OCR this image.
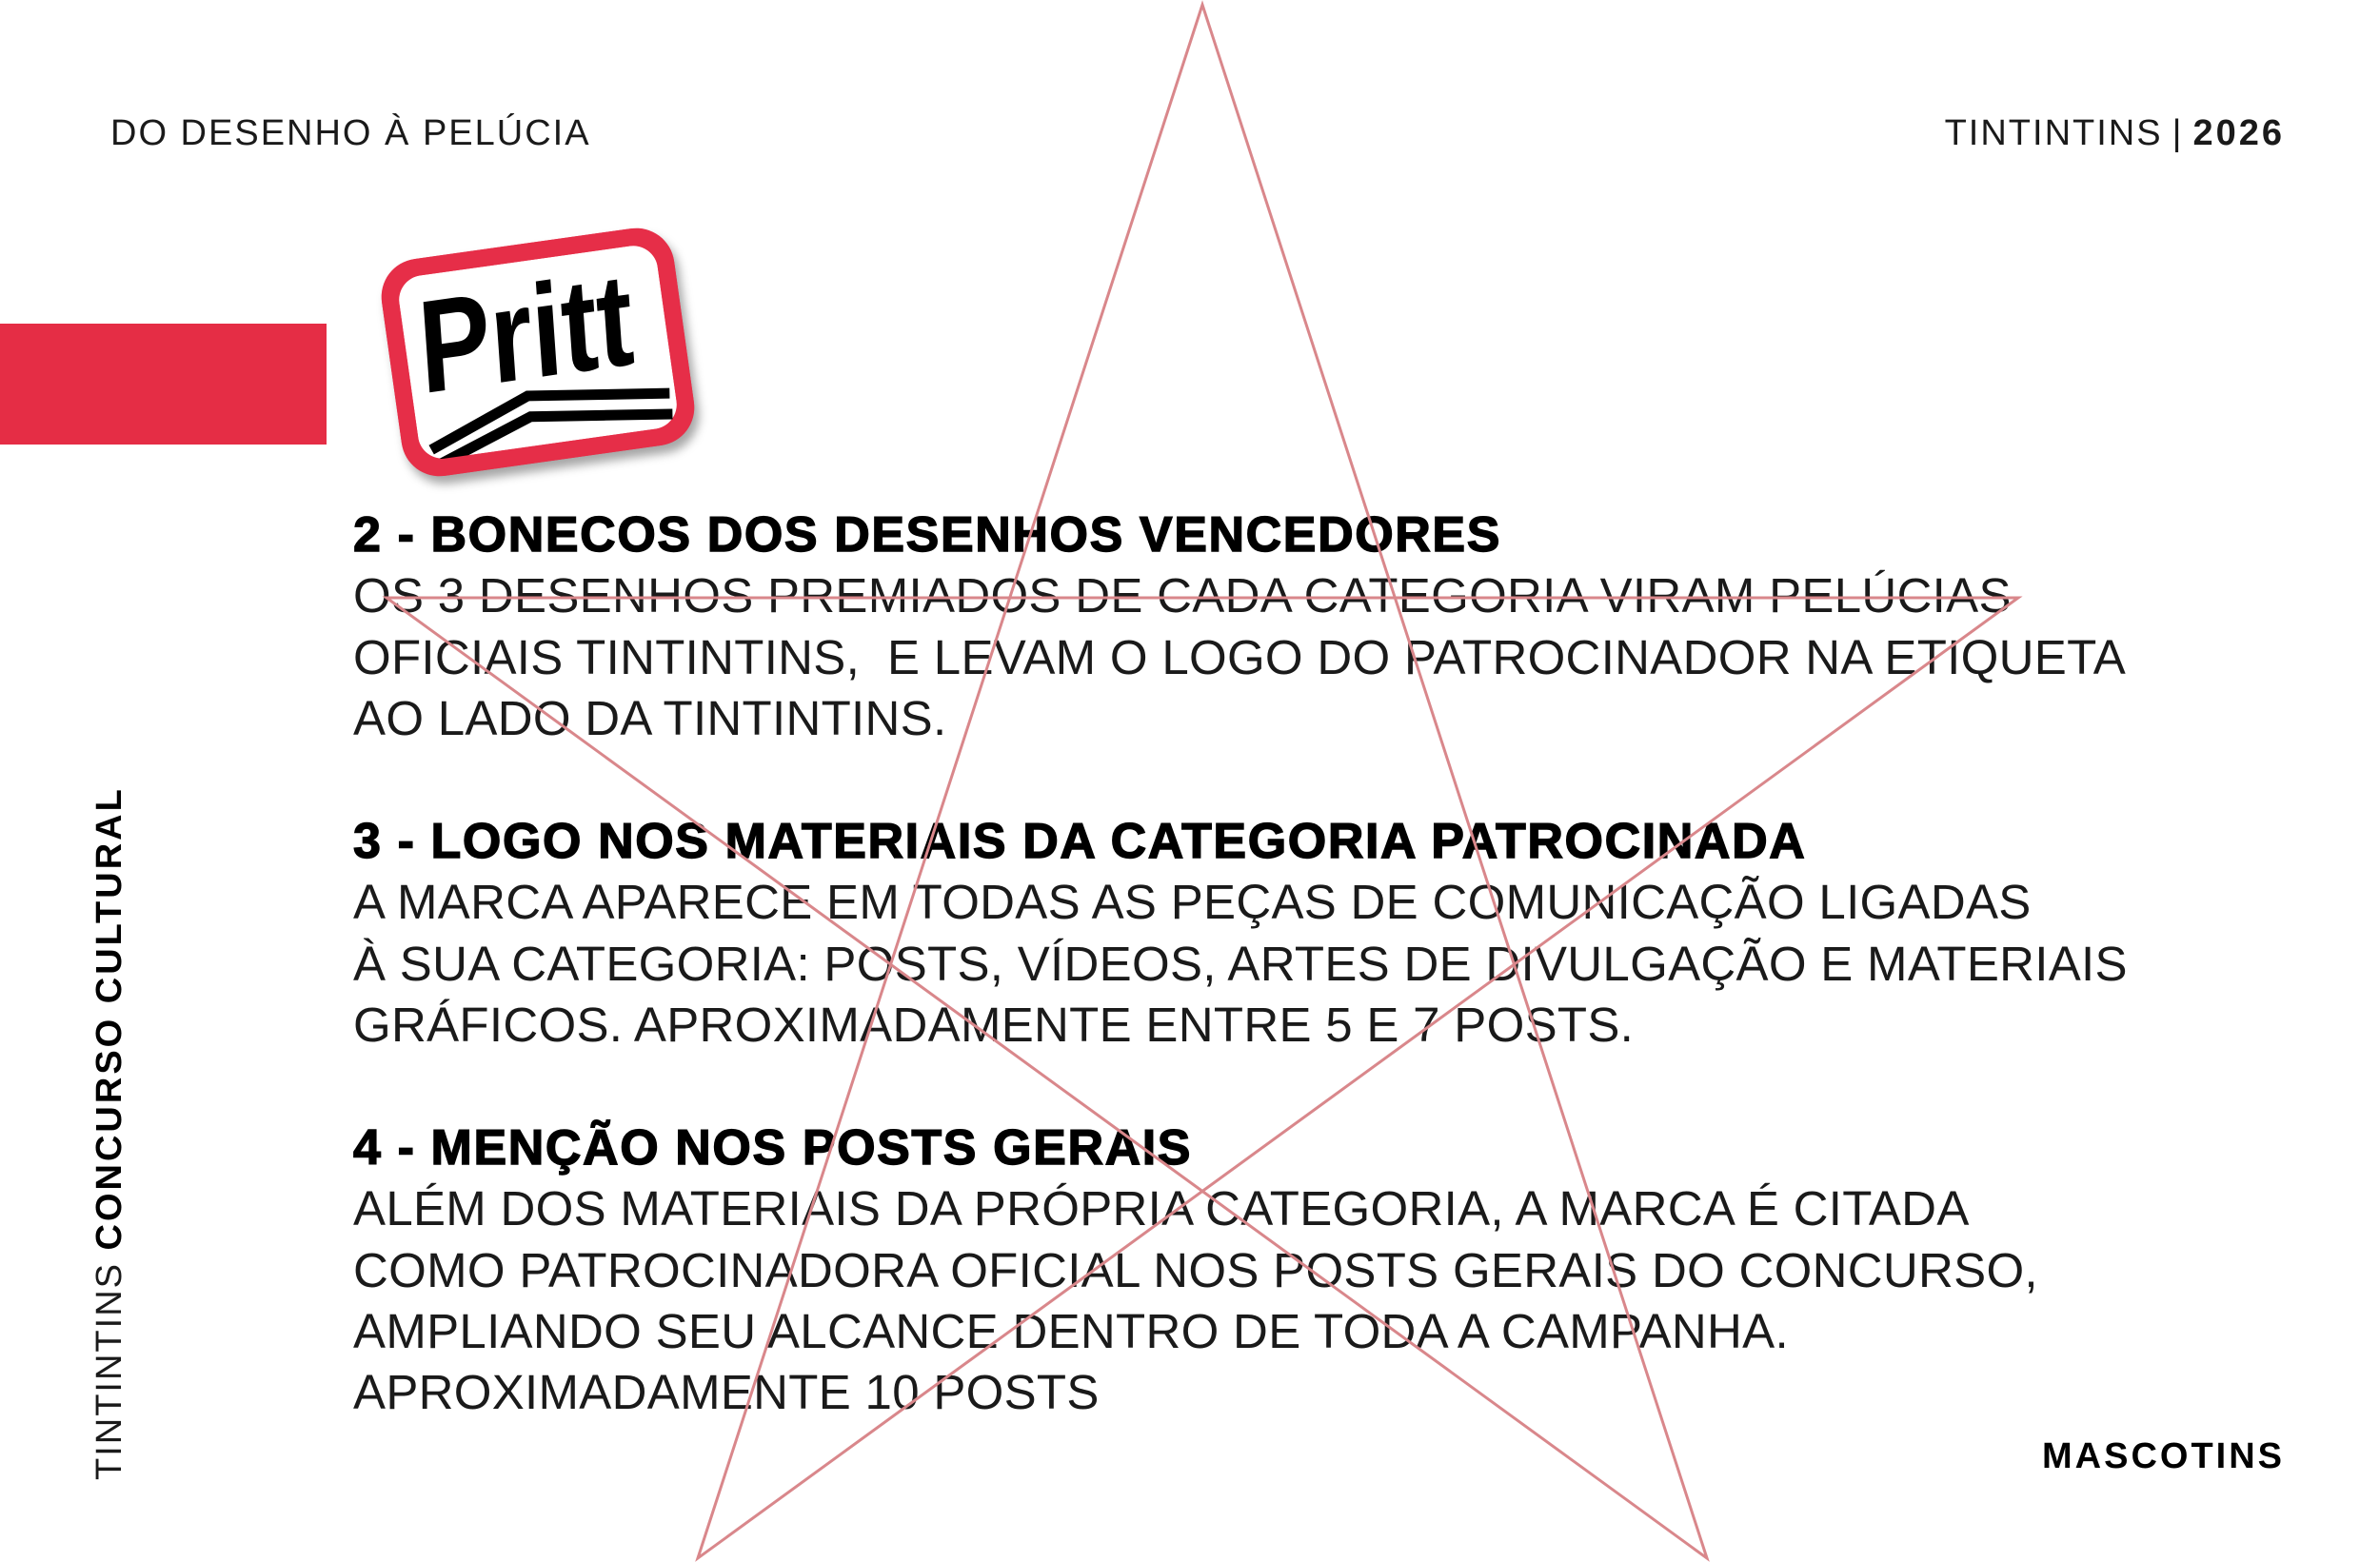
DO DESENHO À PELÚCIA	TINTINTINS | 2026
Pritt
2 - BONECOS DOS DESENHOS VENCEDORES
OS 3 DESENHOS PREMIADOS DE CADA CATEGORIA VIRAM PELÚCIAS
OFICIAIS TINTINTINS,  E LEVAM O LOGO DO PATROCINADOR NA ETIQUETA
AO LADO DA TINTINTINS.
3 - LOGO NOS MATERIAIS DA CATEGORIA PATROCINADA
A MARCA APARECE EM TODAS AS PEÇAS DE COMUNICAÇÃO LIGADAS
À SUA CATEGORIA: POSTS, VÍDEOS, ARTES DE DIVULGAÇÃO E MATERIAIS
GRÁFICOS. APROXIMADAMENTE ENTRE 5 E 7 POSTS.
4 - MENÇÃO NOS POSTS GERAIS
ALÉM DOS MATERIAIS DA PRÓPRIA CATEGORIA, A MARCA É CITADA
COMO PATROCINADORA OFICIAL NOS POSTS GERAIS DO CONCURSO,
AMPLIANDO SEU ALCANCE DENTRO DE TODA A CAMPANHA.
APROXIMADAMENTE 10 POSTS
TINTINTINS CONCURSO CULTURAL
MASCOTINS
